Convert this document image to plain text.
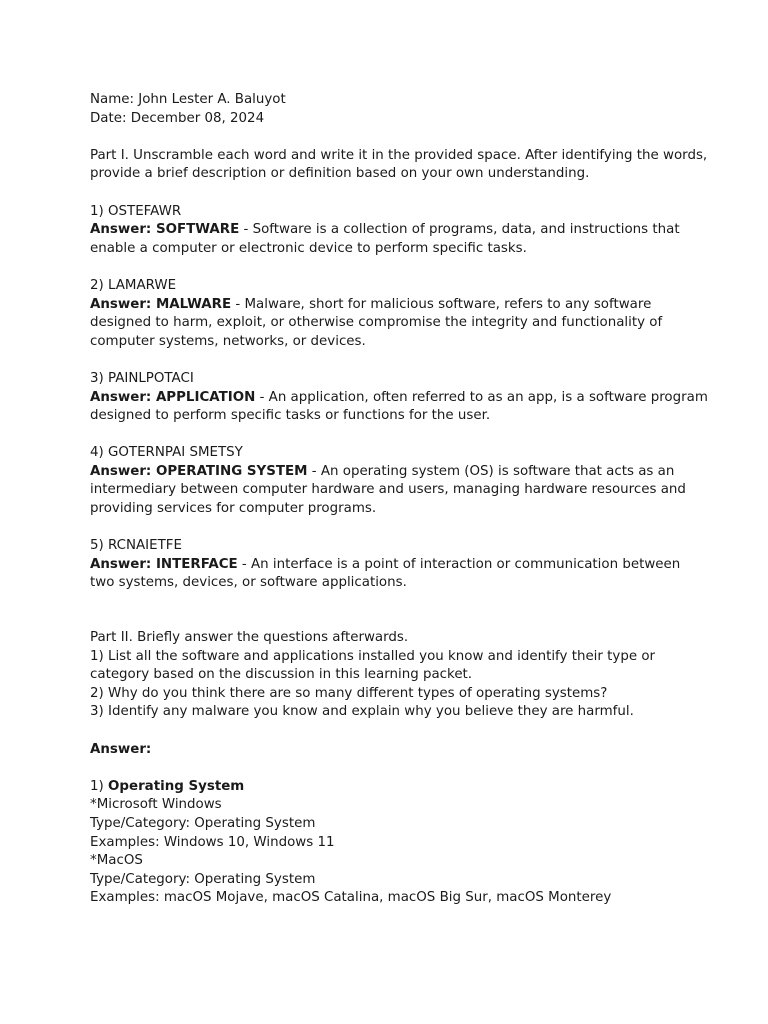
Name: John Lester A. Baluyot

Date: December 08, 2024

Part I. Unscramble each word and write it in the provided space. After identifying the words, provide a brief description or definition based on your own understanding.

1) OSTEFAWR

Answer: SOFTWARE - Software is a collection of programs, data, and instructions that enable a computer or electronic device to perform specific tasks.

2) LAMARWE

Answer: MALWARE - Malware, short for malicious software, refers to any software designed to harm, exploit, or otherwise compromise the integrity and functionality of computer systems, networks, or devices.

3) PAINLPOTACI

Answer: APPLICATION - An application, often referred to as an app, is a software program designed to perform specific tasks or functions for the user.

4) GOTERNPAI SMETSY

Answer: OPERATING SYSTEM - An operating system (OS) is software that acts as an intermediary between computer hardware and users, managing hardware resources and providing services for computer programs.

5) RCNAIETFE

Answer: INTERFACE - An interface is a point of interaction or communication between two systems, devices, or software applications.

Part II. Briefly answer the questions afterwards.

1) List all the software and applications installed you know and identify their type or category based on the discussion in this learning packet.

2) Why do you think there are so many different types of operating systems?

3) Identify any malware you know and explain why you believe they are harmful.

Answer:

1) Operating System

*Microsoft Windows

Type/Category: Operating System

Examples: Windows 10, Windows 11

*MacOS

Type/Category: Operating System

Examples: macOS Mojave, macOS Catalina, macOS Big Sur, macOS Monterey
